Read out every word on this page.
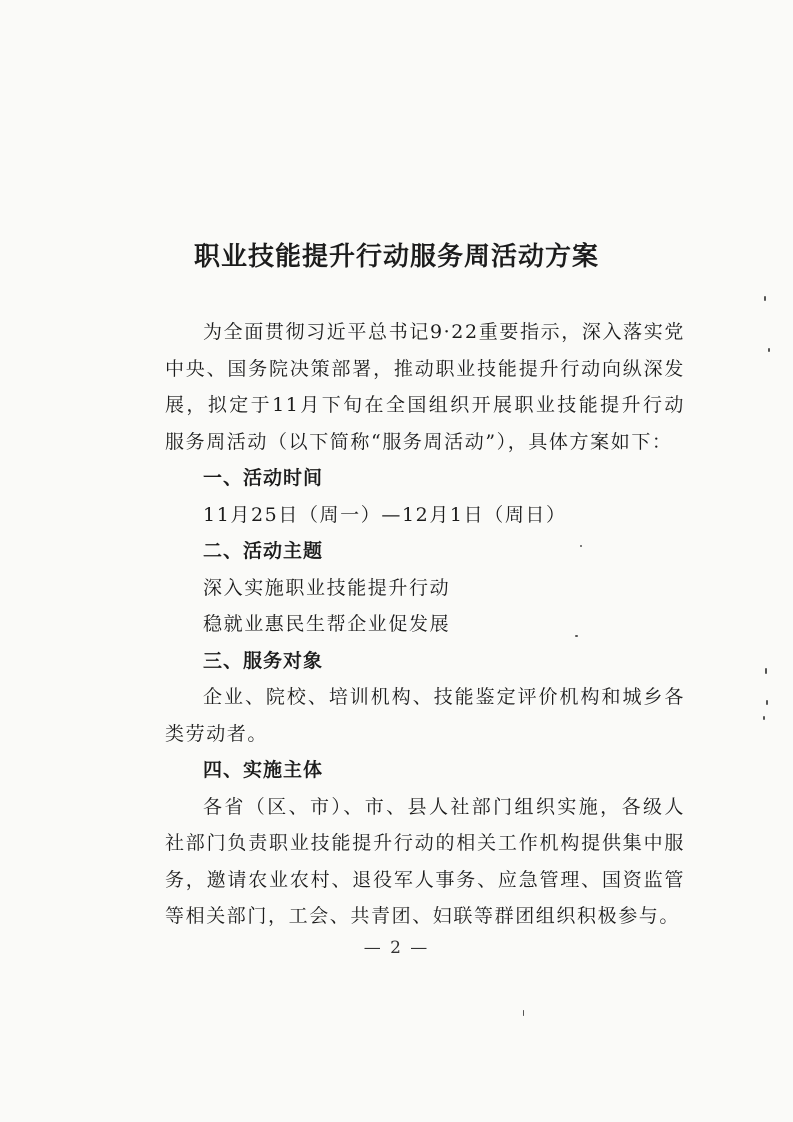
职业技能提升行动服务周活动方案

为全面贯彻习近平总书记9·22重要指示，深入落实党中央、国务院决策部署，推动职业技能提升行动向纵深发展，拟定于11月下旬在全国组织开展职业技能提升行动服务周活动（以下简称“服务周活动”），具体方案如下：

一、活动时间

11月25日（周一）—12月1日（周日）

二、活动主题

深入实施职业技能提升行动

稳就业惠民生帮企业促发展

三、服务对象

企业、院校、培训机构、技能鉴定评价机构和城乡各类劳动者。

四、实施主体

各省（区、市）、市、县人社部门组织实施，各级人社部门负责职业技能提升行动的相关工作机构提供集中服务，邀请农业农村、退役军人事务、应急管理、国资监管等相关部门，工会、共青团、妇联等群团组织积极参与。

— 2 —
